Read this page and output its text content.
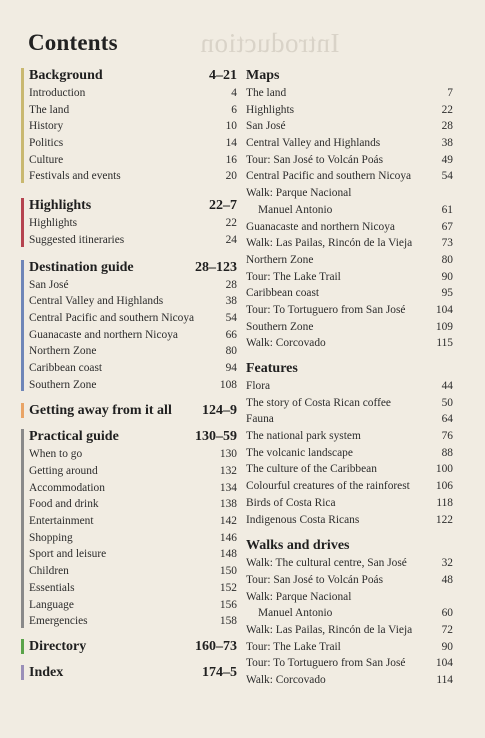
Introduction
Contents
Background	4–21
Introduction	4
The land	6
History	10
Politics	14
Culture	16
Festivals and events	20
Highlights	22–7
Highlights	22
Suggested itineraries	24
Destination guide	28–123
San José	28
Central Valley and Highlands	38
Central Pacific and southern Nicoya	54
Guanacaste and northern Nicoya	66
Northern Zone	80
Caribbean coast	94
Southern Zone	108
Getting away from it all 124–9
Practical guide	130–59
When to go	130
Getting around	132
Accommodation	134
Food and drink	138
Entertainment	142
Shopping	146
Sport and leisure	148
Children	150
Essentials	152
Language	156
Emergencies	158
Directory	160–73
Index	174–5
Maps
The land	7
Highlights	22
San José	28
Central Valley and Highlands	38
Tour: San José to Volcán Poás	49
Central Pacific and southern Nicoya	54
Walk: Parque Nacional
Manuel Antonio	61
Guanacaste and northern Nicoya	67
Walk: Las Pailas, Rincón de la Vieja	73
Northern Zone	80
Tour: The Lake Trail	90
Caribbean coast	95
Tour: To Tortuguero from San José	104
Southern Zone	109
Walk: Corcovado	115
Features
Flora	44
The story of Costa Rican coffee	50
Fauna	64
The national park system	76
The volcanic landscape	88
The culture of the Caribbean	100
Colourful creatures of the rainforest 106
Birds of Costa Rica	118
Indigenous Costa Ricans	122
Walks and drives
Walk: The cultural centre, San José	32
Tour: San José to Volcán Poás	48
Walk: Parque Nacional
Manuel Antonio	60
Walk: Las Pailas, Rincón de la Vieja	72
Tour: The Lake Trail	90
Tour: To Tortuguero from San José	104
Walk: Corcovado	114
